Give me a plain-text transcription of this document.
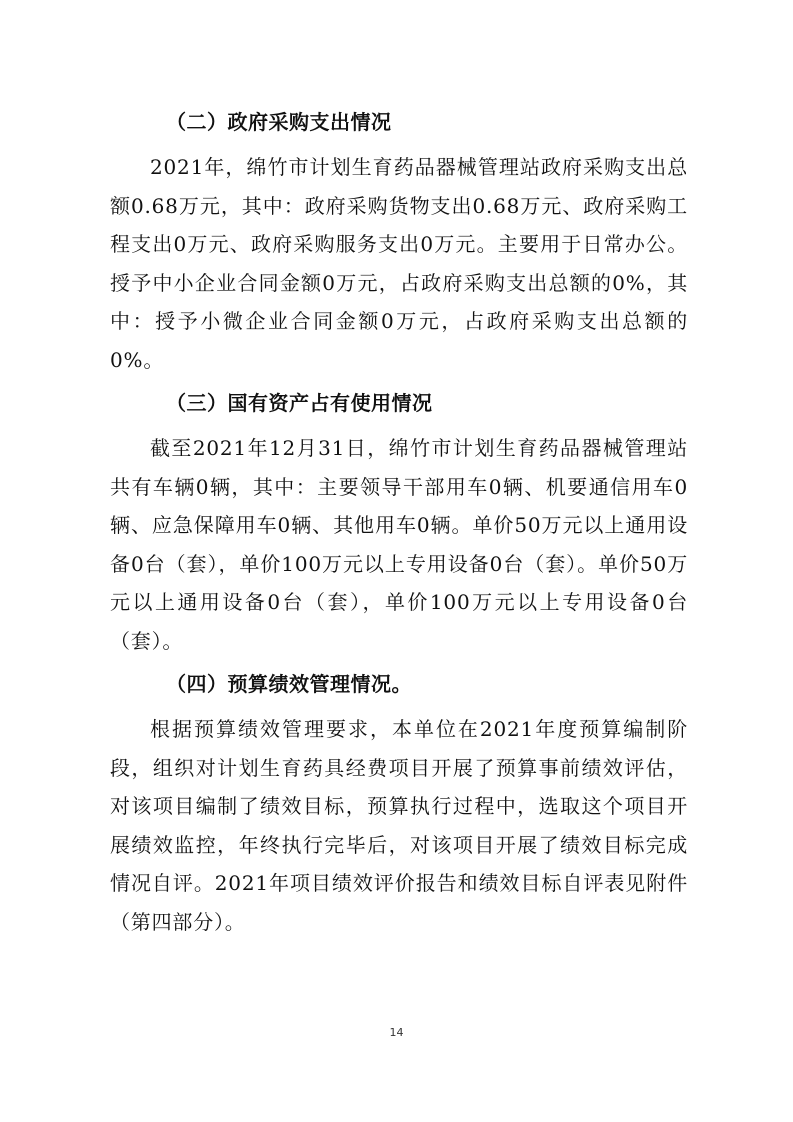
（二）政府采购支出情况

2021年，绵竹市计划生育药品器械管理站政府采购支出总额0.68万元，其中：政府采购货物支出0.68万元、政府采购工程支出0万元、政府采购服务支出0万元。主要用于日常办公。授予中小企业合同金额0万元，占政府采购支出总额的0%，其中：授予小微企业合同金额0万元，占政府采购支出总额的0%。

（三）国有资产占有使用情况

截至2021年12月31日，绵竹市计划生育药品器械管理站共有车辆0辆，其中：主要领导干部用车0辆、机要通信用车0辆、应急保障用车0辆、其他用车0辆。单价50万元以上通用设备0台（套），单价100万元以上专用设备0台（套）。单价50万元以上通用设备0台（套），单价100万元以上专用设备0台（套）。

（四）预算绩效管理情况。

根据预算绩效管理要求，本单位在2021年度预算编制阶段，组织对计划生育药具经费项目开展了预算事前绩效评估，对该项目编制了绩效目标，预算执行过程中，选取这个项目开展绩效监控，年终执行完毕后，对该项目开展了绩效目标完成情况自评。2021年项目绩效评价报告和绩效目标自评表见附件（第四部分）。

14
